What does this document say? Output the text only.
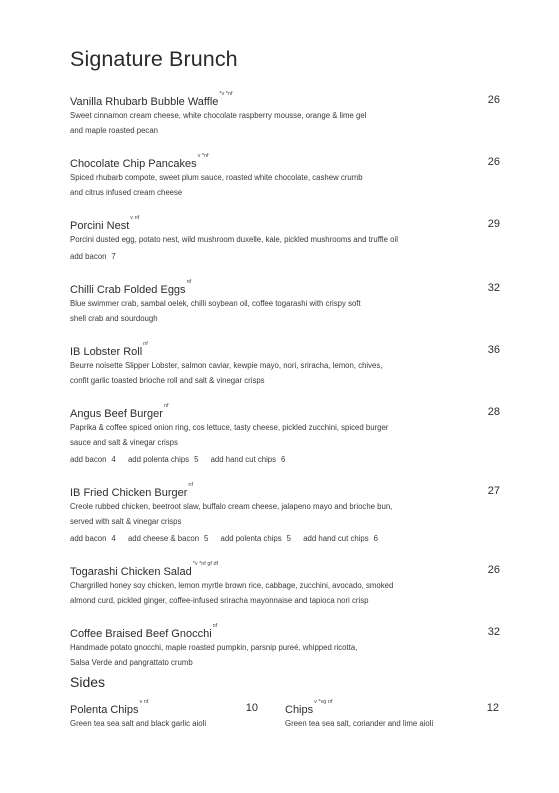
Signature Brunch
Vanilla Rhubarb Bubble Waffle$^{*v *nf}$	26
Sweet cinnamon cream cheese, white chocolate raspberry mousse, orange & lime gel
and maple roasted pecan
Chocolate Chip Pancakes$^{v *nf}$	26
Spiced rhubarb compote, sweet plum sauce, roasted white chocolate, cashew crumb
and citrus infused cream cheese
Porcini Nest$^{v nf}$	29
Porcini dusted egg, potato nest, wild mushroom duxelle, kale, pickled mushrooms and truffle oil
add bacon 7
Chilli Crab Folded Eggs$^{nf}$	32
Blue swimmer crab, sambal oelek, chilli soybean oil, coffee togarashi with crispy soft
shell crab and sourdough
IB Lobster Roll$^{nf}$	36
Beurre noisette Slipper Lobster, salmon caviar, kewpie mayo, nori, sriracha, lemon, chives,
confit garlic toasted brioche roll and salt & vinegar crisps
Angus Beef Burger$^{nf}$	28
Paprika & coffee spiced onion ring, cos lettuce, tasty cheese, pickled zucchini, spiced burger
sauce and salt & vinegar crisps
add bacon 4 add polenta chips 5 add hand cut chips 6
IB Fried Chicken Burger$^{nf}$	27
Creole rubbed chicken, beetroot slaw, buffalo cream cheese, jalapeno mayo and brioche bun,
served with salt & vinegar crisps
add bacon 4 add cheese & bacon 5 add polenta chips 5 add hand cut chips 6
Togarashi Chicken Salad$^{*v *nf gf df}$	26
Chargrilled honey soy chicken, lemon myrtle brown rice, cabbage, zucchini, avocado, smoked
almond curd, pickled ginger, coffee-infused sriracha mayonnaise and tapioca nori crisp
Coffee Braised Beef Gnocchi$^{nf}$	32
Handmade potato gnocchi, maple roasted pumpkin, parsnip pureé, whipped ricotta,
Salsa Verde and pangrattato crumb
Sides
Polenta Chips$^{v nf}$	10
Green tea sea salt and black garlic aioli
Chips$^{v *vg nf}$	12
Green tea sea salt, coriander and lime aioli
